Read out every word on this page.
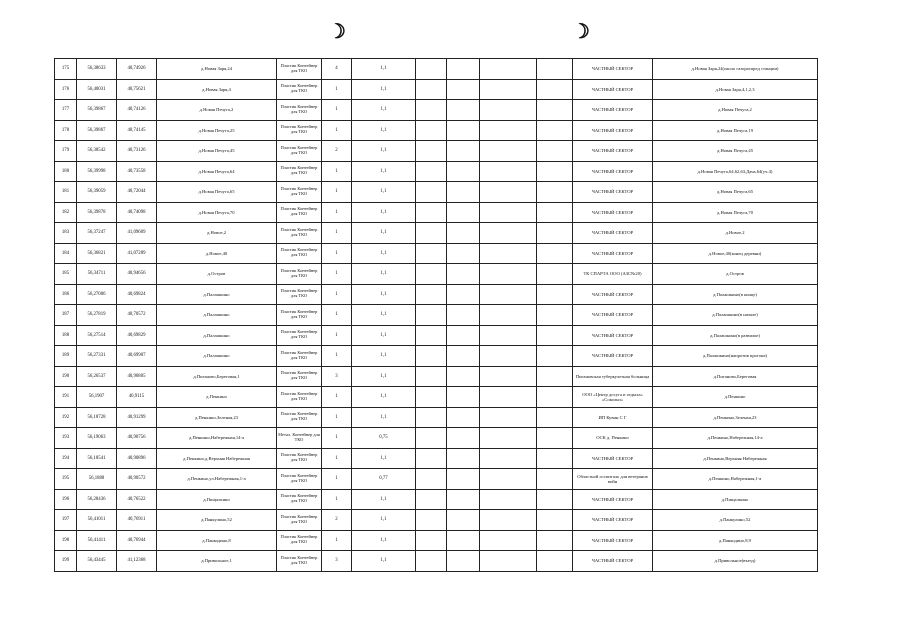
☽	☽
175	56,38633	40,74926	д.Новая Заря,24	Пластик Контейнер для ТКО	4	1,1					ЧАСТНЫЙ СЕКТОР	д.Новая Заря,24(около газораспред станции)
176	56,40031	40,75621	д.Новая Заря,4	Пластик Контейнер для ТКО	1	1,1					ЧАСТНЫЙ СЕКТОР	д.Новая Заря,4,1,2,3
177	56,39867	40,74126	д.Новая Печуга,2	Пластик Контейнер для ТКО	1	1,1					ЧАСТНЫЙ СЕКТОР	д.Новая Печуга,2
178	56,39867	40,74145	д.Новая Печуга,25	Пластик Контейнер для ТКО	1	1,1					ЧАСТНЫЙ СЕКТОР	д.Новая Печуга,19
179	56,38542	40,73126	д.Новая Печуга,45	Пластик Контейнер для ТКО	2	1,1					ЧАСТНЫЙ СЕКТОР	д.Новая Печуга,45
180	56,39998	40,73558	д.Новая Печуга,64	Пластик Контейнер для ТКО	1	1,1					ЧАСТНЫЙ СЕКТОР	д.Новая Печуга,64,62,63,Дача,64(уч.4)
181	56,39059	40,72044	д.Новая Печуга,65	Пластик Контейнер для ТКО	1	1,1					ЧАСТНЫЙ СЕКТОР	д.Новая Печуга,65
182	56,39878	40,74098	д.Новая Печуга,70	Пластик Контейнер для ТКО	1	1,1					ЧАСТНЫЙ СЕКТОР	д.Новая Печуга,70
183	56,37247	41,09609	д.Новое,2	Пластик Контейнер для ТКО	1	1,1					ЧАСТНЫЙ СЕКТОР	д.Новое,2
184	56,36821	41,07289	д.Новое,40	Пластик Контейнер для ТКО	1	1,1					ЧАСТНЫЙ СЕКТОР	д.Новое,40(конец деревни)
185	56,34711	40,94656	д.Остров	Пластик Контейнер для ТКО	1	1,1					ТК СПАРТА ООО (АЗС№20)	д.Остров
186	56,27006	40,69824	д.Палашкино	Пластик Контейнер для ТКО	1	1,1					ЧАСТНЫЙ СЕКТОР	д.Палашкино(в конце)
187	56,27819	40,70572	д.Палашкино	Пластик Контейнер для ТКО	1	1,1					ЧАСТНЫЙ СЕКТОР	д.Палашкино(в начале)
188	56,27514	40,69829	д.Палашкино	Пластик Контейнер для ТКО	1	1,1					ЧАСТНЫЙ СЕКТОР	д.Палашкино(в развилке)
189	56,27331	40,69907	д.Палашкино	Пластик Контейнер для ТКО	1	1,1					ЧАСТНЫЙ СЕКТОР	д.Палашкино(напротив прогона)
190	56,26537	40,90805	д.Пиганово,Береговая,1	Пластик Контейнер для ТКО	3	1,1					Пигановская туберкулезная больница	д.Пиганово,Береговая
191	56,1907	40,9115	д.Пенкино	Пластик Контейнер для ТКО	1	1,1					ООО «Центр досуга и отдыха» «Сокольи»	д.Пенкино
192	56,18728	40,91299	д.Пенкино,Зеленая,23	Пластик Контейнер для ТКО	1	1,1					ИП Кувин С Г	д.Пенкино,Зеленая,23
193	56,19063	40,90756	д.Пенкино,Набережная,14-а	Метал. Контейнер для ТКО	1	0,75					ОСК д. Пенкино	д.Пенкино,Набережная,14-а
194	56,18541	40,90896	д.Пенкино,д.Верхняя Набережная	Пластик Контейнер для ТКО	1	1,1					ЧАСТНЫЙ СЕКТОР	д.Пенкино,Верхняя Набережная
195	56,1888	40,90572	д.Пенкино,ул.Набережная,1-а	Пластик Контейнер для ТКО	1	0,77					Областной госпиталь для ветеранов войн	д.Пенкино,Набережная,1-а
196	56,28436	40,76522	д.Пищалкино	Пластик Контейнер для ТКО	1	1,1					ЧАСТНЫЙ СЕКТОР	д.Пищалкино
197	56,41011	40,76911	д.Панкулино,52	Пластик Контейнер для ТКО	2	1,1					ЧАСТНЫЙ СЕКТОР	д.Панкулино,52
198	56,41411	40,76944	д.Панкодино,8	Пластик Контейнер для ТКО	1	1,1					ЧАСТНЫЙ СЕКТОР	д.Панкодино,8,9
199	56,43445	41,12368	д.Привольное,1	Пластик Контейнер для ТКО	3	1,1					ЧАСТНЫЙ СЕКТОР	д.Привольное(въезд)
